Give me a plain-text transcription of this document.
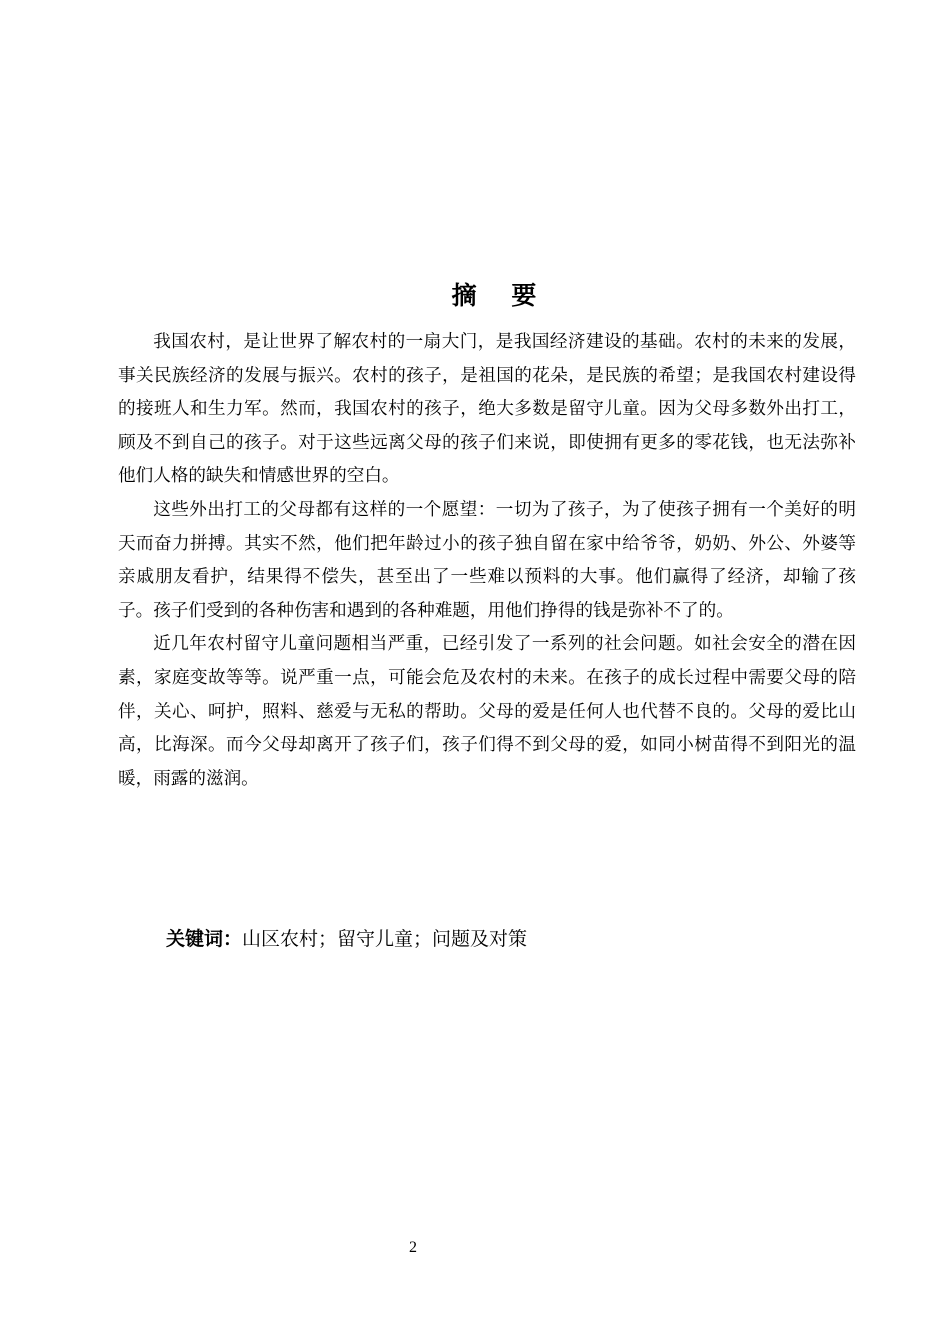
摘    要

我国农村，是让世界了解农村的一扇大门，是我国经济建设的基础。农村的未来的发展，事关民族经济的发展与振兴。农村的孩子，是祖国的花朵，是民族的希望；是我国农村建设得的接班人和生力军。然而，我国农村的孩子，绝大多数是留守儿童。因为父母多数外出打工，顾及不到自己的孩子。对于这些远离父母的孩子们来说，即使拥有更多的零花钱，也无法弥补他们人格的缺失和情感世界的空白。

这些外出打工的父母都有这样的一个愿望：一切为了孩子，为了使孩子拥有一个美好的明天而奋力拼搏。其实不然，他们把年龄过小的孩子独自留在家中给爷爷，奶奶、外公、外婆等亲戚朋友看护，结果得不偿失，甚至出了一些难以预料的大事。他们赢得了经济，却输了孩子。孩子们受到的各种伤害和遇到的各种难题，用他们挣得的钱是弥补不了的。

近几年农村留守儿童问题相当严重，已经引发了一系列的社会问题。如社会安全的潜在因素，家庭变故等等。说严重一点，可能会危及农村的未来。在孩子的成长过程中需要父母的陪伴，关心、呵护，照料、慈爱与无私的帮助。父母的爱是任何人也代替不良的。父母的爱比山高，比海深。而今父母却离开了孩子们，孩子们得不到父母的爱，如同小树苗得不到阳光的温暖，雨露的滋润。

关键词：山区农村；留守儿童；问题及对策
2
